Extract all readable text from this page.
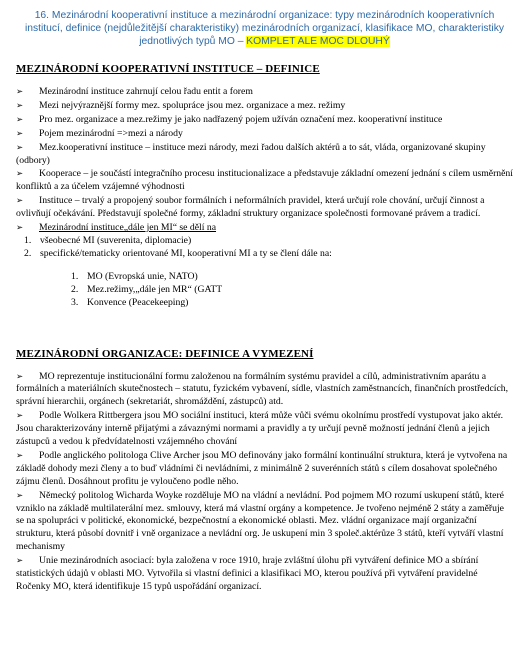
16. Mezinárodní kooperativní instituce a mezinárodní organizace: typy mezinárodních kooperativních institucí, definice (nejdůležitější charakteristiky) mezinárodních organizací, klasifikace MO, charakteristiky jednotlivých typů MO – KOMPLET ALE MOC DLOUHÝ
MEZINÁRODNÍ KOOPERATIVNÍ INSTITUCE – DEFINICE

➢ Mezinárodní instituce zahrnují celou řadu entit a forem

➢ Mezi nejvýraznější formy mez. spolupráce jsou mez. organizace a mez. režimy

➢ Pro mez. organizace a mez.režimy je jako nadřazený pojem užíván označení mez. kooperativní instituce

➢ Pojem mezinárodní =>mezi a národy

➢ Mez.kooperativní instituce – instituce mezi národy, mezi řadou dalších aktérů a to sát, vláda, organizované skupiny (odbory)

➢ Kooperace – je součástí integračního procesu institucionalizace a představuje základní omezení jednání s cílem usměrnění konfliktů a za účelem vzájemné výhodnosti

➢ Instituce – trvalý a propojený soubor formálních i neformálních pravidel, která určují role chování, určují činnost a ovlivňují očekávání. Představují společné formy, základní struktury organizace společnosti formované právem a tradicí.

➢ Mezinárodní instituce„dále jen MI“ se dělí na

1. všeobecné MI (suverenita, diplomacie)

2. specifické/tematicky orientované MI, kooperativní MI a ty se člení dále na:

1. MO (Evropská unie, NATO)

2. Mez.režimy,„dále jen MR“ (GATT

3. Konvence (Peacekeeping)

MEZINÁRODNÍ ORGANIZACE: DEFINICE A VYMEZENÍ

➢ MO reprezentuje institucionální formu založenou na formálním systému pravidel a cílů, administrativním aparátu a formálních a materiálních skutečnostech – statutu, fyzickém vybavení, sídle, vlastních zaměstnancích, finančních prostředcích, správní hierarchii, orgánech (sekretariát, shromáždění, zástupců) atd.

➢ Podle Wolkera Rittbergera jsou MO sociální instituci, která může vůči svému okolnímu prostředí vystupovat jako aktér. Jsou charakterizovány interně přijatými a závaznými normami a pravidly a ty určují pevně možností jednání členů a jejich zástupců a vedou k předvídatelnosti vzájemného chování

➢ Podle anglického politologa Clive Archer jsou MO definovány jako formální kontinuální struktura, která je vytvořena na základě dohody mezi členy a to buď vládními či nevládními, z minimálně 2 suverénních států s cílem dosahovat společného zájmu členů. Dosáhnout profitu je vyloučeno podle něho.

➢ Německý politolog Wicharda Woyke rozděluje MO na vládní a nevládní. Pod pojmem MO rozumí uskupení států, které vzniklo na základě multilaterální mez. smlouvy, která má vlastní orgány a kompetence. Je tvořeno nejméně 2 státy a zaměřuje se na spolupráci v politické, ekonomické, bezpečnostní a ekonomické oblasti. Mez. vládní organizace mají organizační strukturu, která působí dovnitř i vně organizace a nevládní org. Je uskupení min 3 společ.aktérůze 3 států, kteří vytváří vlastní mechanismy

➢ Unie mezinárodních asociací: byla založena v roce 1910, hraje zvláštní úlohu při vytváření definice MO a sbírání statistických údajů v oblasti MO. Vytvořila si vlastní definici a klasifikaci MO, kterou používá při vytváření pravidelné Ročenky MO, která identifikuje 15 typů uspořádání organizací.
